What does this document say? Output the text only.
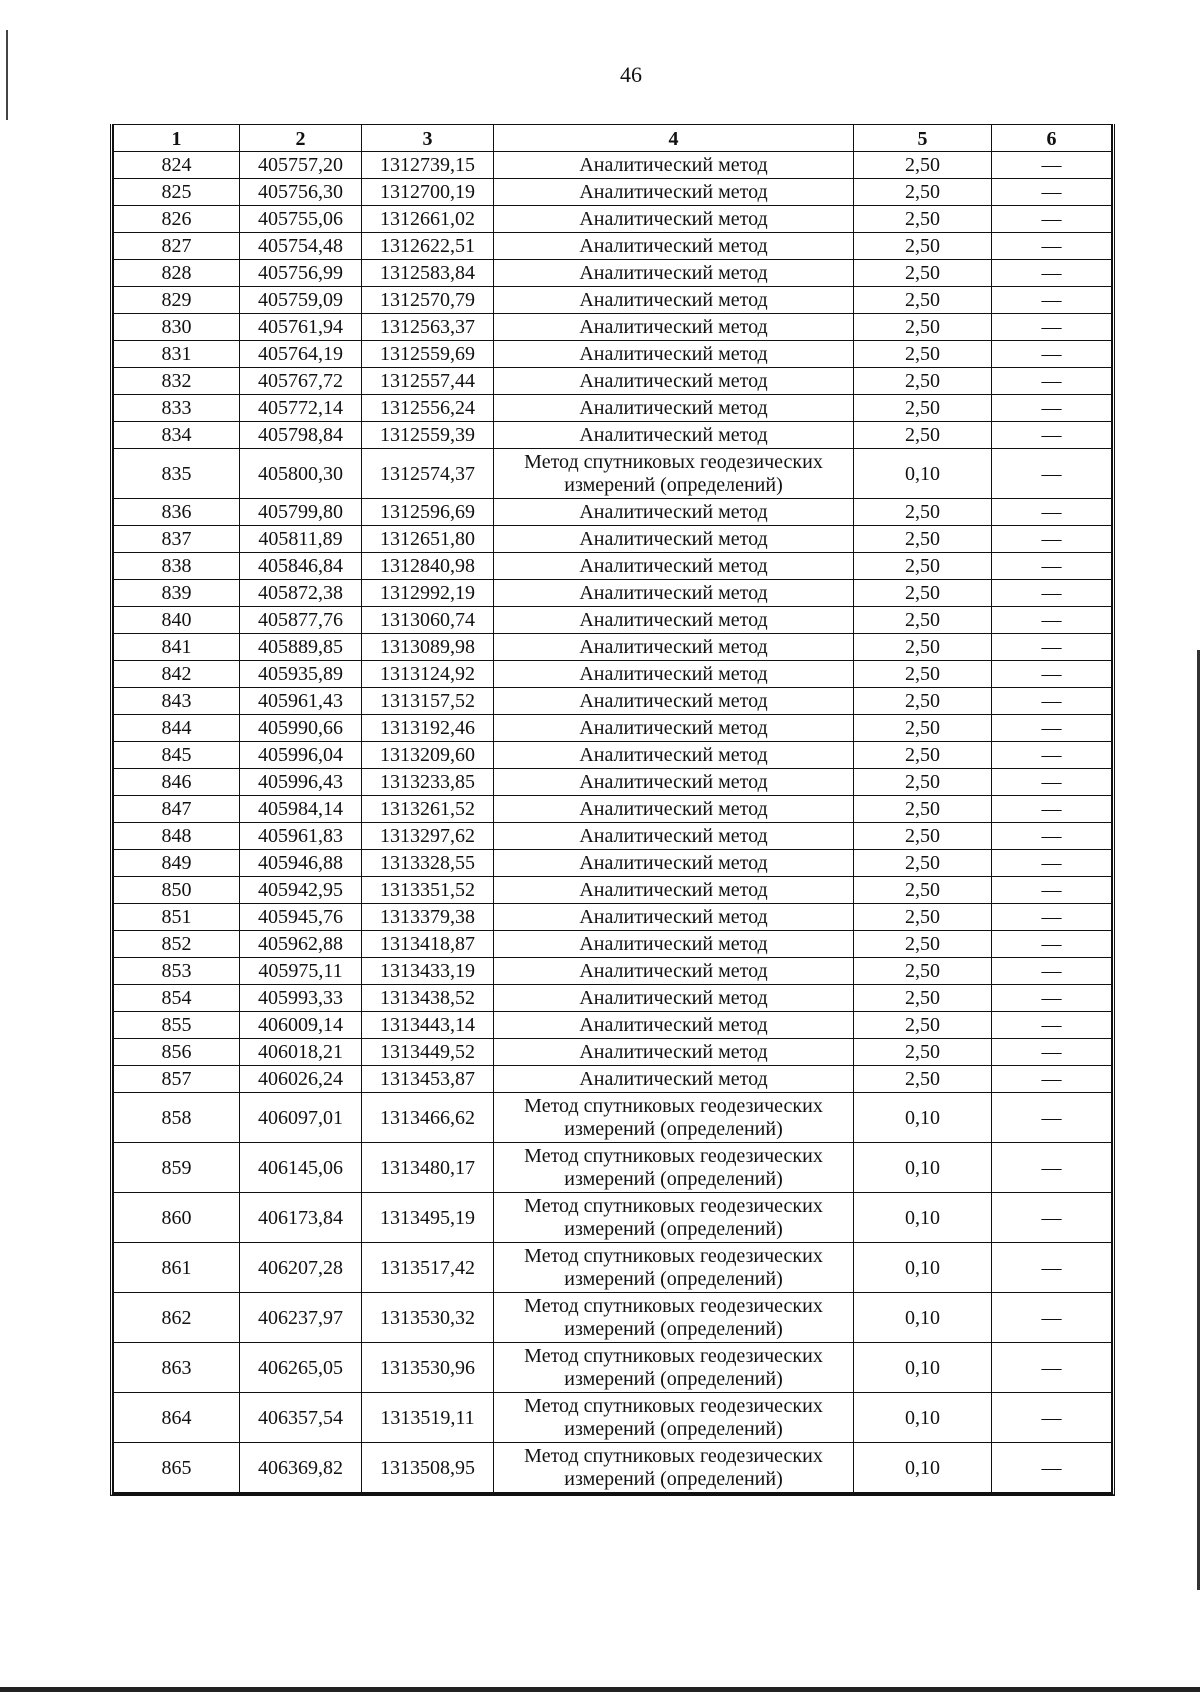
46
1	2	3	4	5	6
824	405757,20	1312739,15	Аналитический метод	2,50	—
825	405756,30	1312700,19	Аналитический метод	2,50	—
826	405755,06	1312661,02	Аналитический метод	2,50	—
827	405754,48	1312622,51	Аналитический метод	2,50	—
828	405756,99	1312583,84	Аналитический метод	2,50	—
829	405759,09	1312570,79	Аналитический метод	2,50	—
830	405761,94	1312563,37	Аналитический метод	2,50	—
831	405764,19	1312559,69	Аналитический метод	2,50	—
832	405767,72	1312557,44	Аналитический метод	2,50	—
833	405772,14	1312556,24	Аналитический метод	2,50	—
834	405798,84	1312559,39	Аналитический метод	2,50	—
835	405800,30	1312574,37	Метод спутниковых геодезических измерений (определений)	0,10	—
836	405799,80	1312596,69	Аналитический метод	2,50	—
837	405811,89	1312651,80	Аналитический метод	2,50	—
838	405846,84	1312840,98	Аналитический метод	2,50	—
839	405872,38	1312992,19	Аналитический метод	2,50	—
840	405877,76	1313060,74	Аналитический метод	2,50	—
841	405889,85	1313089,98	Аналитический метод	2,50	—
842	405935,89	1313124,92	Аналитический метод	2,50	—
843	405961,43	1313157,52	Аналитический метод	2,50	—
844	405990,66	1313192,46	Аналитический метод	2,50	—
845	405996,04	1313209,60	Аналитический метод	2,50	—
846	405996,43	1313233,85	Аналитический метод	2,50	—
847	405984,14	1313261,52	Аналитический метод	2,50	—
848	405961,83	1313297,62	Аналитический метод	2,50	—
849	405946,88	1313328,55	Аналитический метод	2,50	—
850	405942,95	1313351,52	Аналитический метод	2,50	—
851	405945,76	1313379,38	Аналитический метод	2,50	—
852	405962,88	1313418,87	Аналитический метод	2,50	—
853	405975,11	1313433,19	Аналитический метод	2,50	—
854	405993,33	1313438,52	Аналитический метод	2,50	—
855	406009,14	1313443,14	Аналитический метод	2,50	—
856	406018,21	1313449,52	Аналитический метод	2,50	—
857	406026,24	1313453,87	Аналитический метод	2,50	—
858	406097,01	1313466,62	Метод спутниковых геодезических измерений (определений)	0,10	—
859	406145,06	1313480,17	Метод спутниковых геодезических измерений (определений)	0,10	—
860	406173,84	1313495,19	Метод спутниковых геодезических измерений (определений)	0,10	—
861	406207,28	1313517,42	Метод спутниковых геодезических измерений (определений)	0,10	—
862	406237,97	1313530,32	Метод спутниковых геодезических измерений (определений)	0,10	—
863	406265,05	1313530,96	Метод спутниковых геодезических измерений (определений)	0,10	—
864	406357,54	1313519,11	Метод спутниковых геодезических измерений (определений)	0,10	—
865	406369,82	1313508,95	Метод спутниковых геодезических измерений (определений)	0,10	—
